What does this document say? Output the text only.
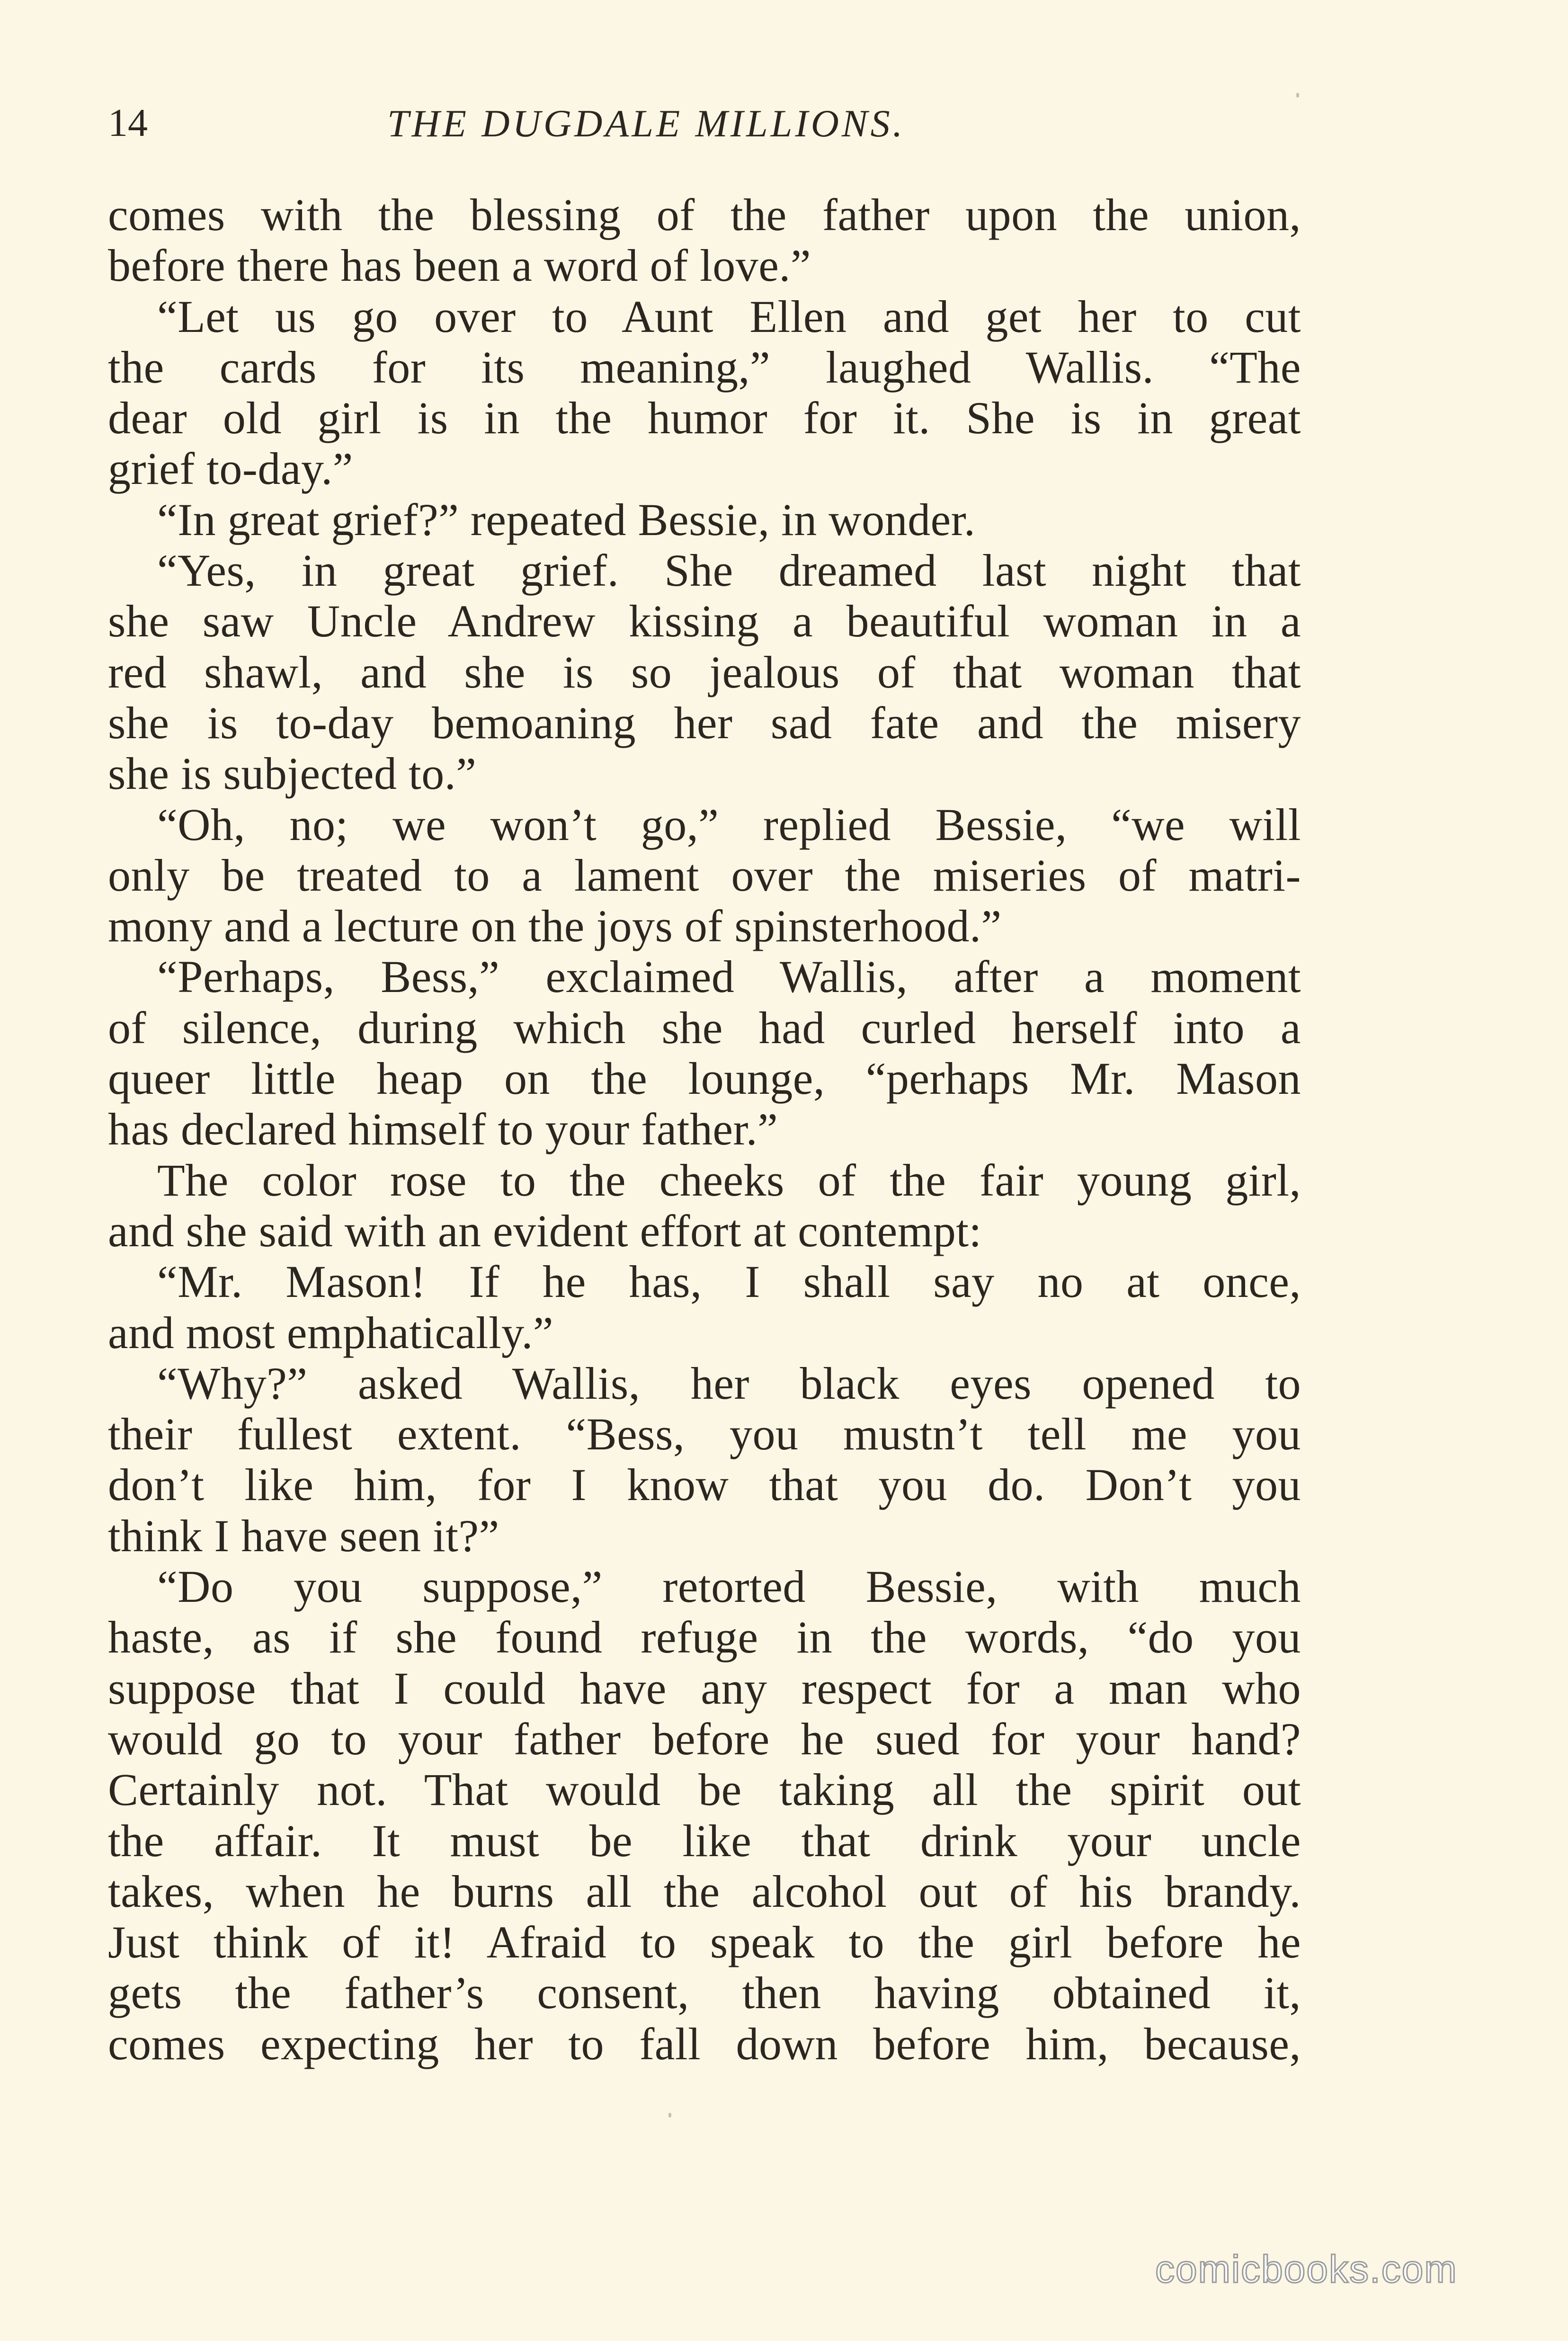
14	THE DUGDALE MILLIONS.
comes with the blessing of the father upon the union,
before there has been a word of love.”
“Let us go over to Aunt Ellen and get her to cut
the cards for its meaning,” laughed Wallis. “The
dear old girl is in the humor for it. She is in great
grief to-day.”
“In great grief?” repeated Bessie, in wonder.
“Yes, in great grief. She dreamed last night that
she saw Uncle Andrew kissing a beautiful woman in a
red shawl, and she is so jealous of that woman that
she is to-day bemoaning her sad fate and the misery
she is subjected to.”
“Oh, no; we won’t go,” replied Bessie, “we will
only be treated to a lament over the miseries of matri-
mony and a lecture on the joys of spinsterhood.”
“Perhaps, Bess,” exclaimed Wallis, after a moment
of silence, during which she had curled herself into a
queer little heap on the lounge, “perhaps Mr. Mason
has declared himself to your father.”
The color rose to the cheeks of the fair young girl,
and she said with an evident effort at contempt:
“Mr. Mason! If he has, I shall say no at once,
and most emphatically.”
“Why?” asked Wallis, her black eyes opened to
their fullest extent. “Bess, you mustn’t tell me you
don’t like him, for I know that you do. Don’t you
think I have seen it?”
“Do you suppose,” retorted Bessie, with much
haste, as if she found refuge in the words, “do you
suppose that I could have any respect for a man who
would go to your father before he sued for your hand?
Certainly not. That would be taking all the spirit out
the affair. It must be like that drink your uncle
takes, when he burns all the alcohol out of his brandy.
Just think of it! Afraid to speak to the girl before he
gets the father’s consent, then having obtained it,
comes expecting her to fall down before him, because,
comicbooks.com
